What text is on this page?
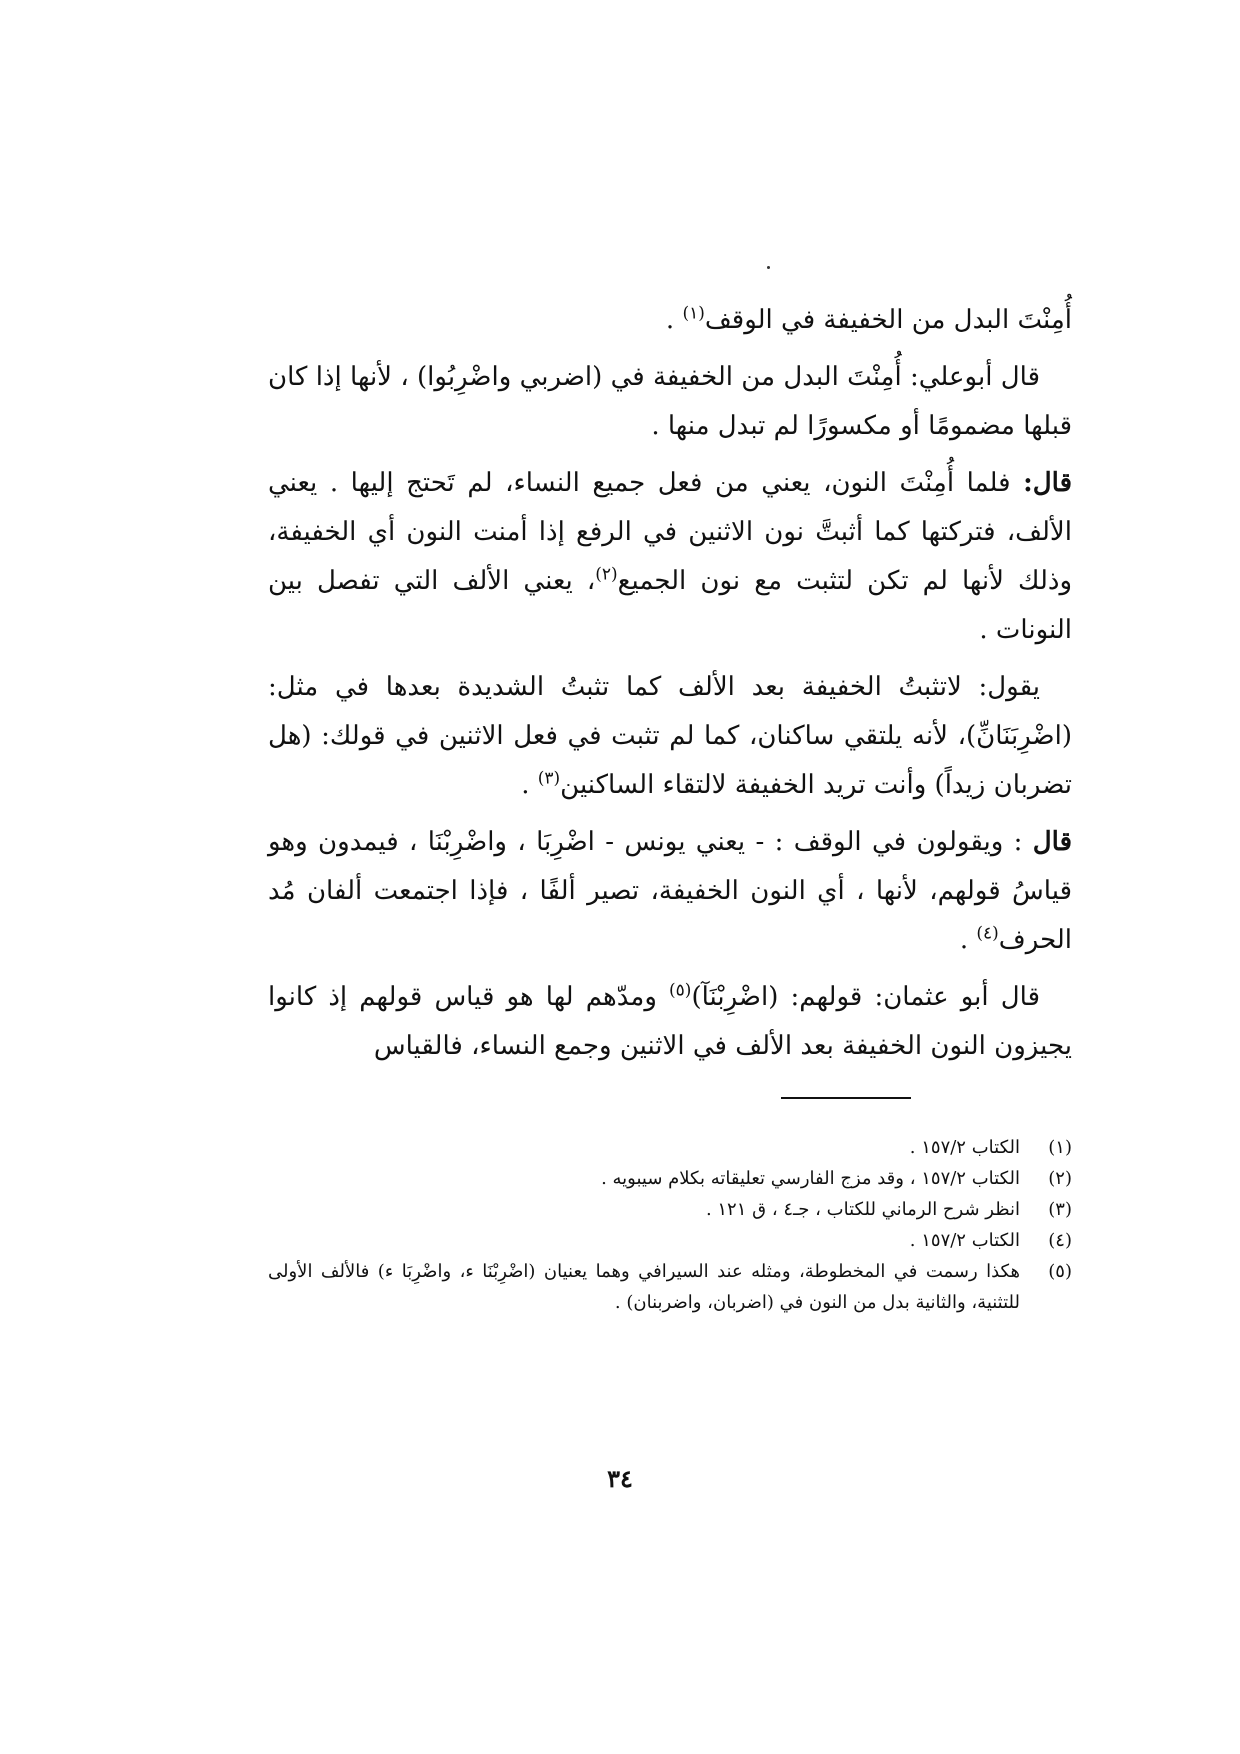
أُمِنْتَ البدل من الخفيفة في الوقف$^{(١)}$ .

قال أبوعلي: أُمِنْتَ البدل من الخفيفة في (اضربي واضْرِبُوا) ، لأنها إذا كان قبلها مضمومًا أو مكسورًا لم تبدل منها .

قال: فلما أُمِنْتَ النون، يعني من فعل جميع النساء، لم تَحتج إليها . يعني الألف، فتركتها كما أثبتَّ نون الاثنين في الرفع إذا أمنت النون أي الخفيفة، وذلك لأنها لم تكن لتثبت مع نون الجميع$^{(٢)}$، يعني الألف التي تفصل بين النونات .

يقول: لاتثبتُ الخفيفة بعد الألف كما تثبتُ الشديدة بعدها في مثل: (اضْرِبَنَانِّ)، لأنه يلتقي ساكنان، كما لم تثبت في فعل الاثنين في قولك: (هل تضربان زيداً) وأنت تريد الخفيفة لالتقاء الساكنين$^{(٣)}$ .

قال : ويقولون في الوقف : - يعني يونس - اضْرِبَا ، واضْرِبْنَا ، فيمدون وهو قياسُ قولهم، لأنها ، أي النون الخفيفة، تصير ألفًا ، فإذا اجتمعت ألفان مُد الحرف$^{(٤)}$ .

قال أبو عثمان: قولهم: (اضْرِبْنَآ)$^{(٥)}$ ومدّهم لها هو قياس قولهم إذ كانوا يجيزون النون الخفيفة بعد الألف في الاثنين وجمع النساء، فالقياس

(١)
الكتاب ١٥٧/٢ .
(٢)
الكتاب ١٥٧/٢ ، وقد مزج الفارسي تعليقاته بكلام سيبويه .
(٣)
انظر شرح الرماني للكتاب ، جـ٤ ، ق ١٢١ .
(٤)
الكتاب ١٥٧/٢ .
(٥)
هكذا رسمت في المخطوطة، ومثله عند السيرافي وهما يعنيان (اضْرِبْنَا ء، واضْرِبَا ء) فالألف الأولى للتثنية، والثانية بدل من النون في (اضربان، واضربنان) .
٣٤
